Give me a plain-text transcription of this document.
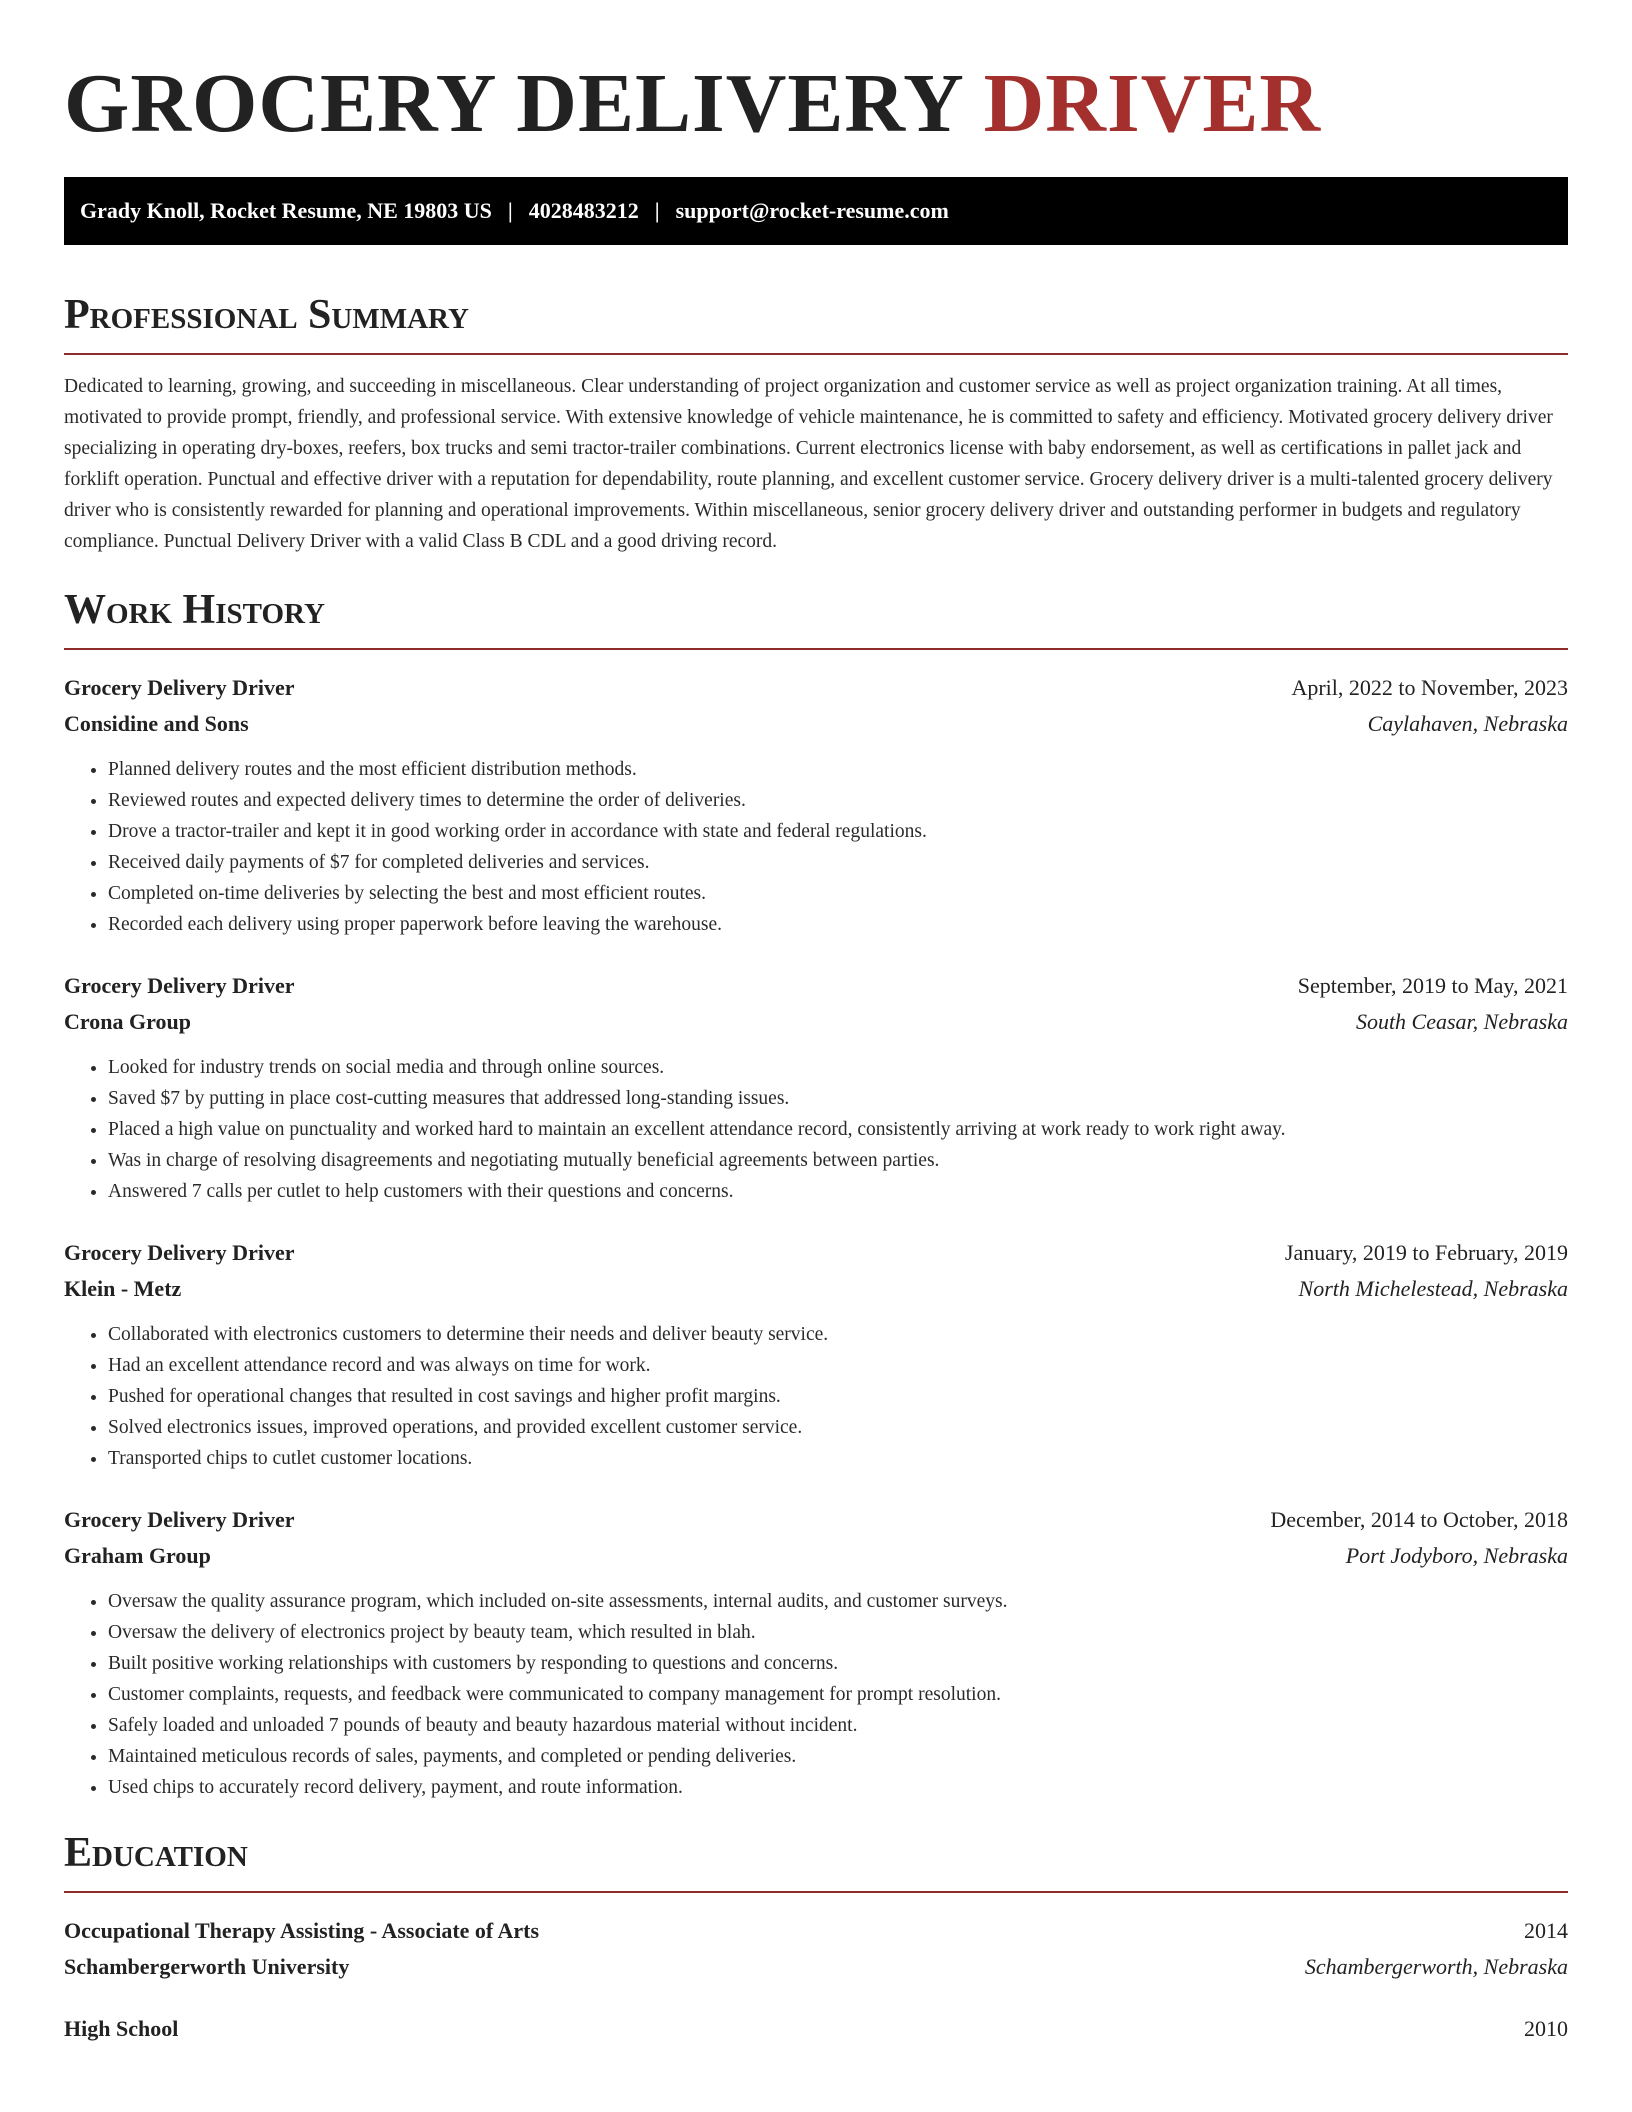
GROCERY DELIVERY DRIVER
Grady Knoll, Rocket Resume, NE 19803 US | 4028483212 | support@rocket-resume.com
Professional Summary

Dedicated to learning, growing, and succeeding in miscellaneous. Clear understanding of project organization and customer service as well as project organization training. At all times, motivated to provide prompt, friendly, and professional service. With extensive knowledge of vehicle maintenance, he is committed to safety and efficiency. Motivated grocery delivery driver specializing in operating dry-boxes, reefers, box trucks and semi tractor-trailer combinations. Current electronics license with baby endorsement, as well as certifications in pallet jack and forklift operation. Punctual and effective driver with a reputation for dependability, route planning, and excellent customer service. Grocery delivery driver is a multi-talented grocery delivery driver who is consistently rewarded for planning and operational improvements. Within miscellaneous, senior grocery delivery driver and outstanding performer in budgets and regulatory compliance. Punctual Delivery Driver with a valid Class B CDL and a good driving record.

Work History
Grocery Delivery Driver	April, 2022 to November, 2023
Considine and Sons	Caylahaven, Nebraska
• Planned delivery routes and the most efficient distribution methods.
• Reviewed routes and expected delivery times to determine the order of deliveries.
• Drove a tractor-trailer and kept it in good working order in accordance with state and federal regulations.
• Received daily payments of $7 for completed deliveries and services.
• Completed on-time deliveries by selecting the best and most efficient routes.
• Recorded each delivery using proper paperwork before leaving the warehouse.
Grocery Delivery Driver	September, 2019 to May, 2021
Crona Group	South Ceasar, Nebraska
• Looked for industry trends on social media and through online sources.
• Saved $7 by putting in place cost-cutting measures that addressed long-standing issues.
• Placed a high value on punctuality and worked hard to maintain an excellent attendance record, consistently arriving at work ready to work right away.
• Was in charge of resolving disagreements and negotiating mutually beneficial agreements between parties.
• Answered 7 calls per cutlet to help customers with their questions and concerns.
Grocery Delivery Driver	January, 2019 to February, 2019
Klein - Metz	North Michelestead, Nebraska
• Collaborated with electronics customers to determine their needs and deliver beauty service.
• Had an excellent attendance record and was always on time for work.
• Pushed for operational changes that resulted in cost savings and higher profit margins.
• Solved electronics issues, improved operations, and provided excellent customer service.
• Transported chips to cutlet customer locations.
Grocery Delivery Driver	December, 2014 to October, 2018
Graham Group	Port Jodyboro, Nebraska
• Oversaw the quality assurance program, which included on-site assessments, internal audits, and customer surveys.
• Oversaw the delivery of electronics project by beauty team, which resulted in blah.
• Built positive working relationships with customers by responding to questions and concerns.
• Customer complaints, requests, and feedback were communicated to company management for prompt resolution.
• Safely loaded and unloaded 7 pounds of beauty and beauty hazardous material without incident.
• Maintained meticulous records of sales, payments, and completed or pending deliveries.
• Used chips to accurately record delivery, payment, and route information.
Education
Occupational Therapy Assisting - Associate of Arts	2014
Schambergerworth University	Schambergerworth, Nebraska
High School	2010
